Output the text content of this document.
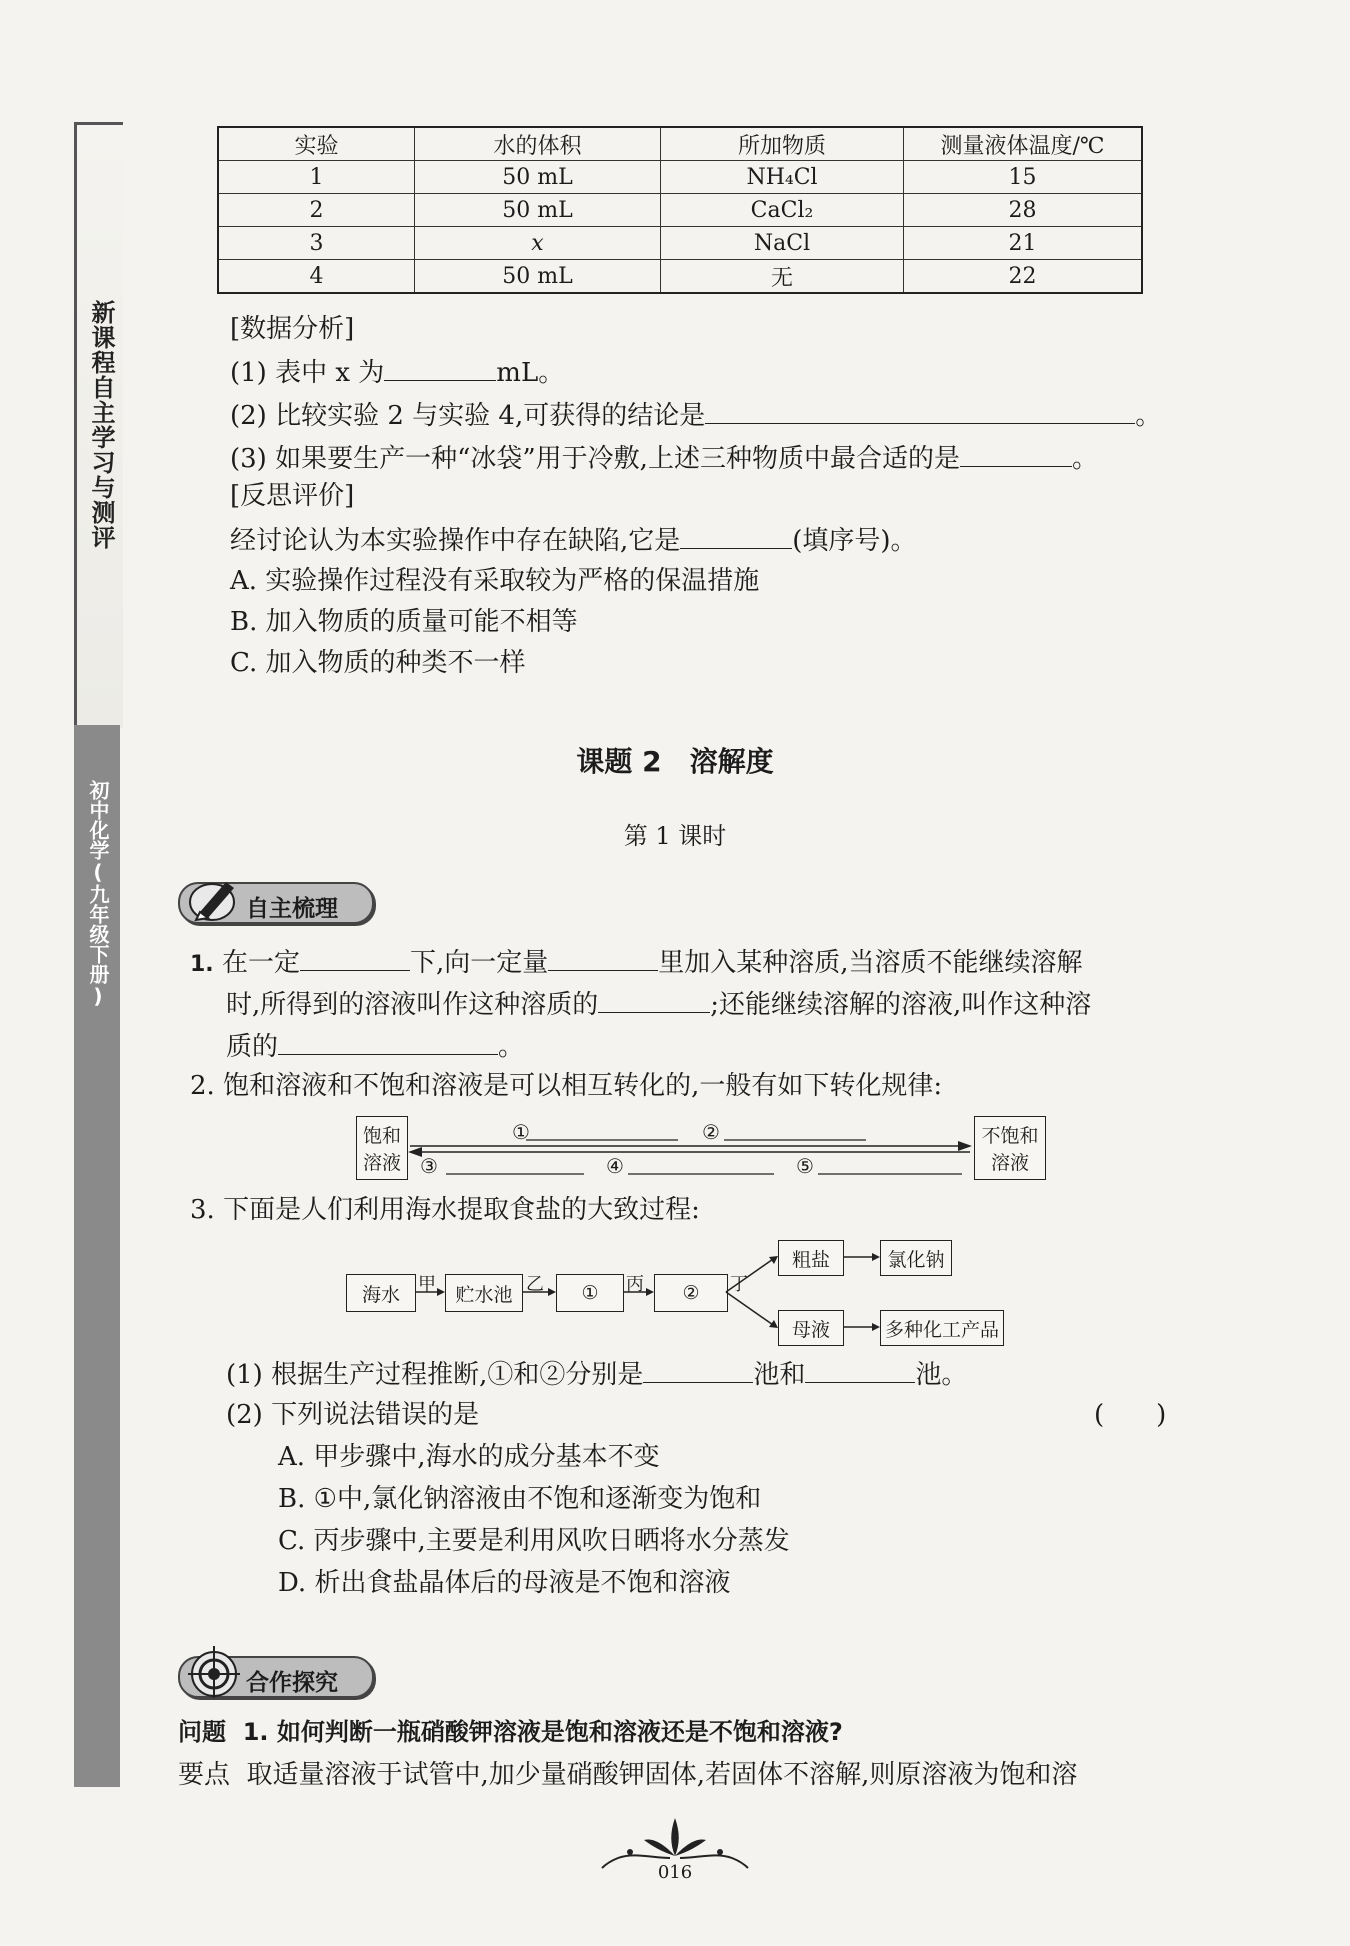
新课程自主学习与测评
初中化学(九年级下册)
实验	水的体积	所加物质	测量液体温度/℃
1	50 mL	NH₄Cl	15
2	50 mL	CaCl₂	28
3	x	NaCl	21
4	50 mL	无	22
[数据分析]
(1) 表中 x 为	mL。
(2) 比较实验 2 与实验 4,可获得的结论是	。
(3) 如果要生产一种“冰袋”用于冷敷,上述三种物质中最合适的是	。
[反思评价]
经讨论认为本实验操作中存在缺陷,它是	(填序号)。
A. 实验操作过程没有采取较为严格的保温措施
B. 加入物质的质量可能不相等
C. 加入物质的种类不一样
课题 2　溶解度
第 1 课时
自主梳理
1. 在一定	下,向一定量	里加入某种溶质,当溶质不能继续溶解
时,所得到的溶液叫作这种溶质的	;还能继续溶解的溶液,叫作这种溶
质的	。
2. 饱和溶液和不饱和溶液是可以相互转化的,一般有如下转化规律:
饱和
溶液
不饱和
溶液
①	②
③	④	⑤
3. 下面是人们利用海水提取食盐的大致过程:
海水	贮水池	①	②
粗盐	氯化钠
母液	多种化工产品
甲	乙	丙	丁
(1) 根据生产过程推断,①和②分别是	池和	池。
(2) 下列说法错误的是	(　　)
A. 甲步骤中,海水的成分基本不变
B. ①中,氯化钠溶液由不饱和逐渐变为饱和
C. 丙步骤中,主要是利用风吹日晒将水分蒸发
D. 析出食盐晶体后的母液是不饱和溶液
合作探究
问题 1. 如何判断一瓶硝酸钾溶液是饱和溶液还是不饱和溶液?
要点 取适量溶液于试管中,加少量硝酸钾固体,若固体不溶解,则原溶液为饱和溶
016
